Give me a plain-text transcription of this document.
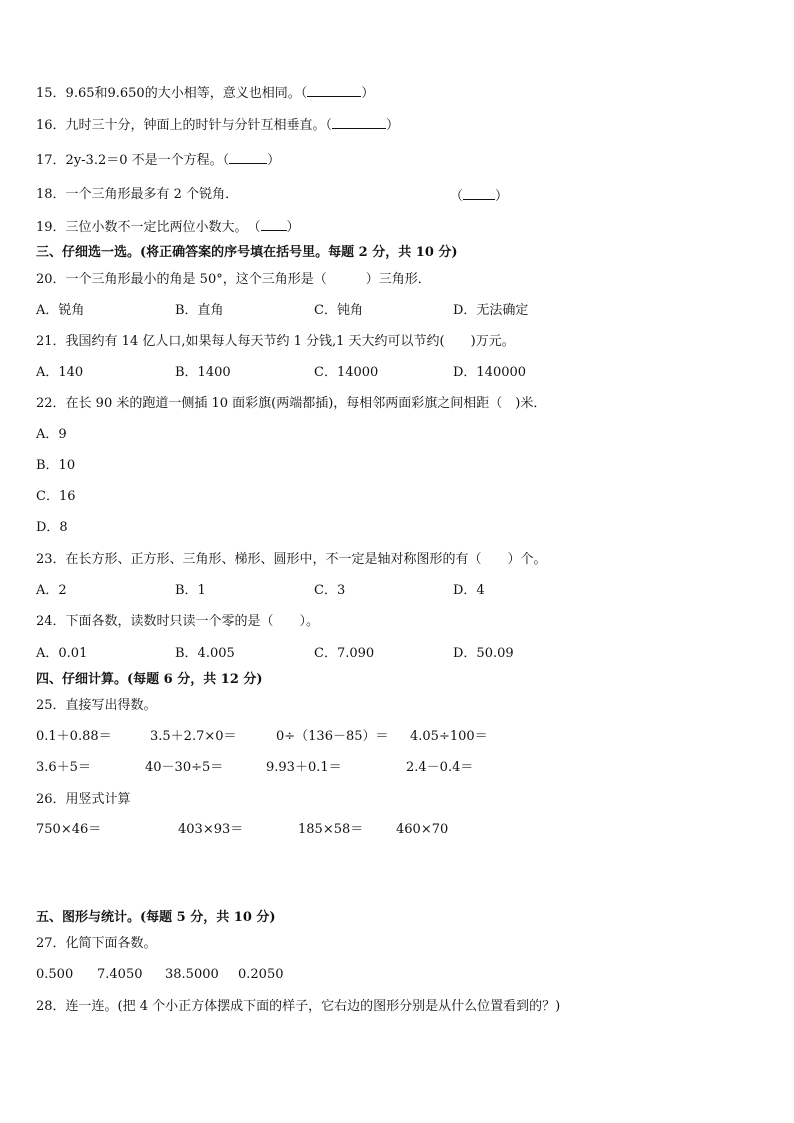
15．9.65和9.650的大小相等，意义也相同。（	）
16．九时三十分，钟面上的时针与分针互相垂直。（	）
17．2y-3.2＝0 不是一个方程。（	）
18．一个三角形最多有 2 个锐角．	（ ）
19．三位小数不一定比两位小数大。　（ ）
三、仔细选一选。(将正确答案的序号填在括号里。每题 2 分，共 10 分)
20．一个三角形最小的角是 50°，这个三角形是（　　　）三角形．
A．锐角	B．直角	C．钝角	D．无法确定
21．我国约有 14 亿人口,如果每人每天节约 1 分钱,1 天大约可以节约(　　)万元。
A．140	B．1400	C．14000	D．140000
22．在长 90 米的跑道一侧插 10 面彩旗(两端都插)，每相邻两面彩旗之间相距（　)米．
A．9
B．10
C．16
D．8
23．在长方形、正方形、三角形、梯形、圆形中，不一定是轴对称图形的有（　　）个。
A．2	B．1	C．3	D．4
24．下面各数，读数时只读一个零的是（　　）。
A．0.01	B．4.005	C．7.090	D．50.09
四、仔细计算。(每题 6 分，共 12 分)
25．直接写出得数。
0.1＋0.88＝	3.5＋2.7×0＝	0÷（136－85）＝ 4.05÷100＝
3.6＋5＝	40－30÷5＝	9.93＋0.1＝	2.4－0.4＝
26．用竖式计算
750×46＝	403×93＝	185×58＝	460×70
五、图形与统计。(每题 5 分，共 10 分)
27．化简下面各数。
0.500 7.4050 38.5000 0.2050
28．连一连。(把 4 个小正方体摆成下面的样子，它右边的图形分别是从什么位置看到的？)
